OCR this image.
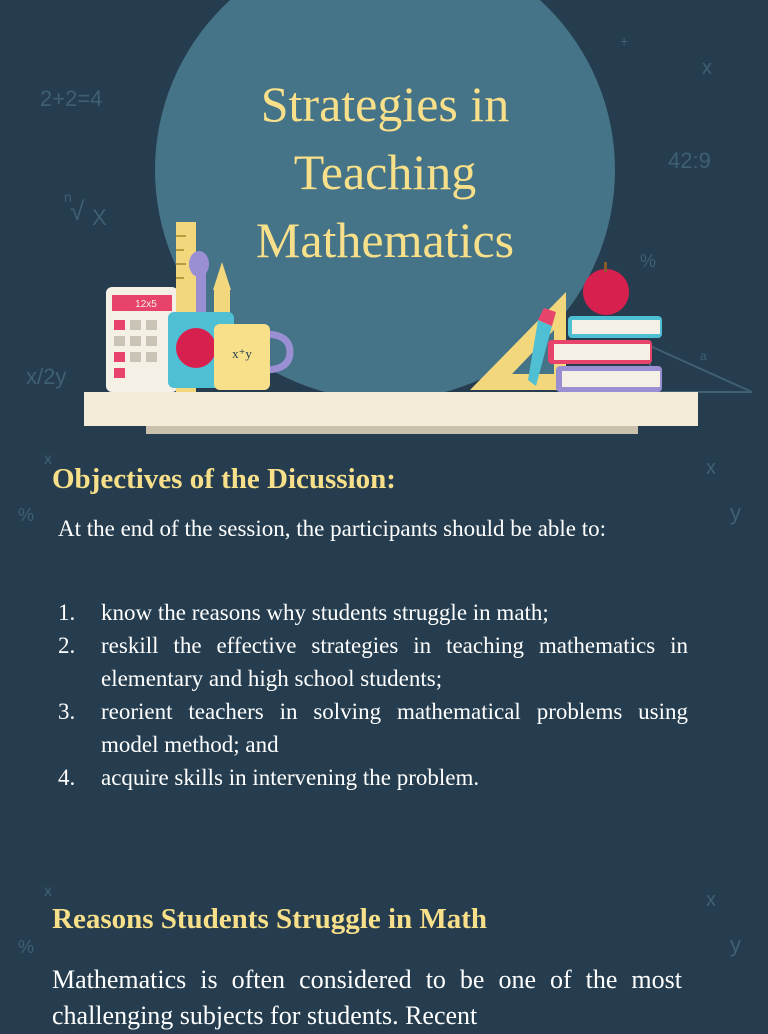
2+2=4
42:9
n
√ X
x/2y
x
+
%
x
%
x
y
x
%
x
y
Strategies in
Teaching
Mathematics
a
12x5
x⁺y
Objectives of the Dicussion:

At the end of the session, the participants should be able to:

1.	know the reasons why students struggle in math;
2.	reskill the effective strategies in teaching mathematics in elementary and high school students;
3.	reorient teachers in solving mathematical problems using model method; and
4.	acquire skills in intervening the problem.
Reasons Students Struggle in Math

Mathematics is often considered to be one of the most challenging subjects for students. Recent
